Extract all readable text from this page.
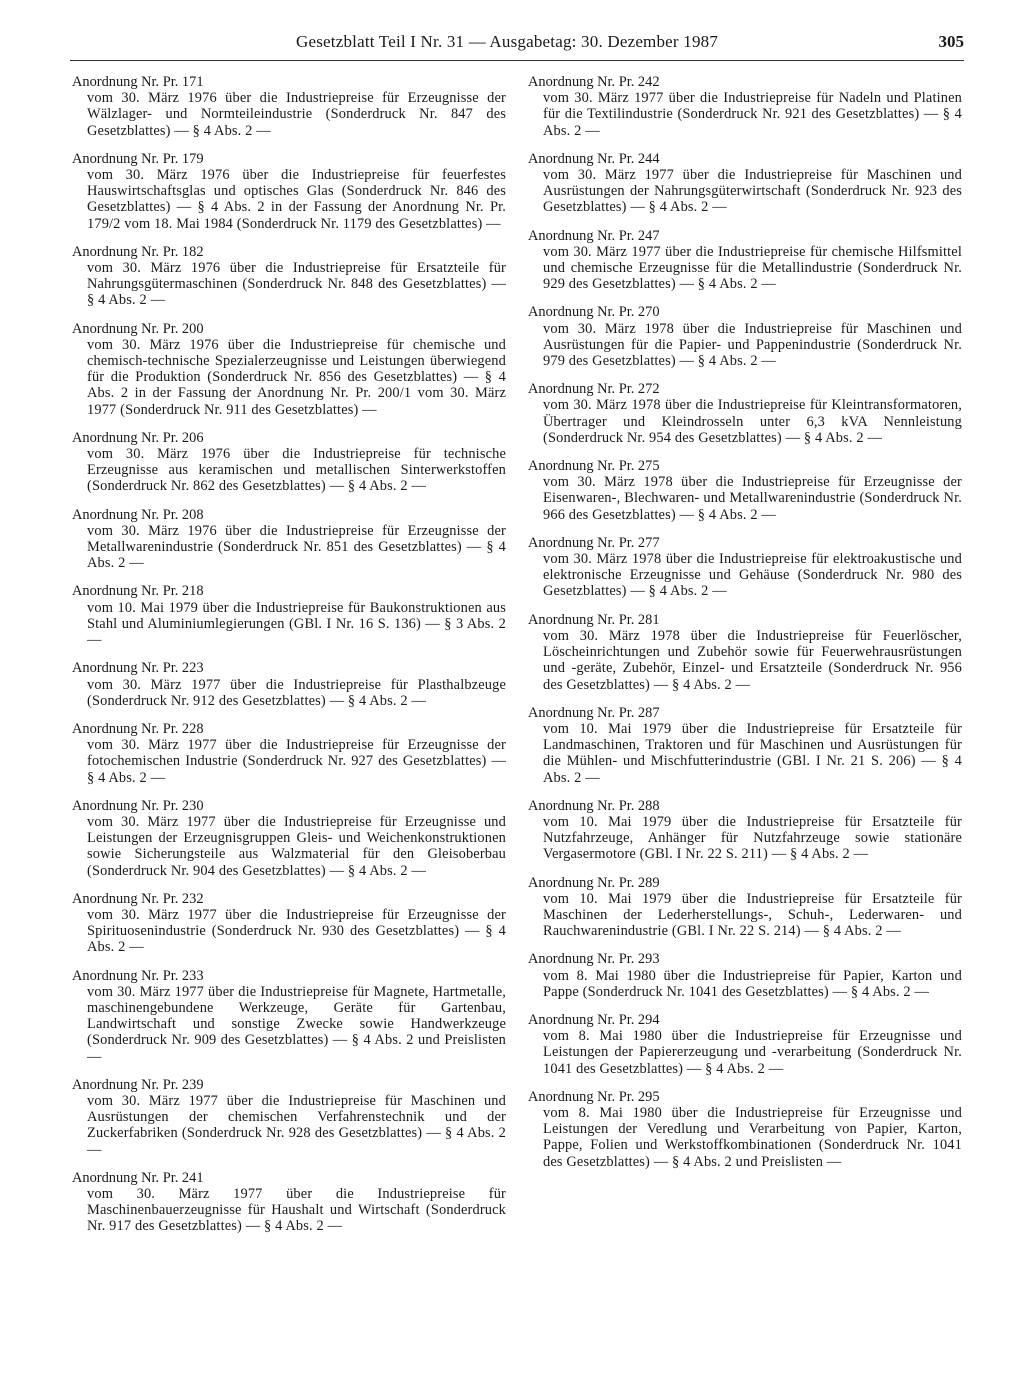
Gesetzblatt Teil I Nr. 31 — Ausgabetag: 30. Dezember 1987	305
Anordnung Nr. Pr. 171
vom 30. März 1976 über die Industriepreise für Erzeugnisse der Wälzlager- und Normteileindustrie (Sonderdruck Nr. 847 des Gesetzblattes) — § 4 Abs. 2 —
Anordnung Nr. Pr. 179
vom 30. März 1976 über die Industriepreise für feuerfestes Hauswirtschaftsglas und optisches Glas (Sonderdruck Nr. 846 des Gesetzblattes) — § 4 Abs. 2 in der Fassung der Anordnung Nr. Pr. 179/2 vom 18. Mai 1984 (Sonderdruck Nr. 1179 des Gesetzblattes) —
Anordnung Nr. Pr. 182
vom 30. März 1976 über die Industriepreise für Ersatzteile für Nahrungsgütermaschinen (Sonderdruck Nr. 848 des Gesetzblattes) — § 4 Abs. 2 —
Anordnung Nr. Pr. 200
vom 30. März 1976 über die Industriepreise für chemische und chemisch-technische Spezialerzeugnisse und Leistungen überwiegend für die Produktion (Sonderdruck Nr. 856 des Gesetzblattes) — § 4 Abs. 2 in der Fassung der Anordnung Nr. Pr. 200/1 vom 30. März 1977 (Sonderdruck Nr. 911 des Gesetzblattes) —
Anordnung Nr. Pr. 206
vom 30. März 1976 über die Industriepreise für technische Erzeugnisse aus keramischen und metallischen Sinterwerkstoffen (Sonderdruck Nr. 862 des Gesetzblattes) — § 4 Abs. 2 —
Anordnung Nr. Pr. 208
vom 30. März 1976 über die Industriepreise für Erzeugnisse der Metallwarenindustrie (Sonderdruck Nr. 851 des Gesetzblattes) — § 4 Abs. 2 —
Anordnung Nr. Pr. 218
vom 10. Mai 1979 über die Industriepreise für Baukonstruktionen aus Stahl und Aluminiumlegierungen (GBl. I Nr. 16 S. 136) — § 3 Abs. 2 —
Anordnung Nr. Pr. 223
vom 30. März 1977 über die Industriepreise für Plasthalbzeuge (Sonderdruck Nr. 912 des Gesetzblattes) — § 4 Abs. 2 —
Anordnung Nr. Pr. 228
vom 30. März 1977 über die Industriepreise für Erzeugnisse der fotochemischen Industrie (Sonderdruck Nr. 927 des Gesetzblattes) — § 4 Abs. 2 —
Anordnung Nr. Pr. 230
vom 30. März 1977 über die Industriepreise für Erzeugnisse und Leistungen der Erzeugnisgruppen Gleis- und Weichenkonstruktionen sowie Sicherungsteile aus Walzmaterial für den Gleisoberbau (Sonderdruck Nr. 904 des Gesetzblattes) — § 4 Abs. 2 —
Anordnung Nr. Pr. 232
vom 30. März 1977 über die Industriepreise für Erzeugnisse der Spirituosenindustrie (Sonderdruck Nr. 930 des Gesetzblattes) — § 4 Abs. 2 —
Anordnung Nr. Pr. 233
vom 30. März 1977 über die Industriepreise für Magnete, Hartmetalle, maschinengebundene Werkzeuge, Geräte für Gartenbau, Landwirtschaft und sonstige Zwecke sowie Handwerkzeuge (Sonderdruck Nr. 909 des Gesetzblattes) — § 4 Abs. 2 und Preislisten —
Anordnung Nr. Pr. 239
vom 30. März 1977 über die Industriepreise für Maschinen und Ausrüstungen der chemischen Verfahrenstechnik und der Zuckerfabriken (Sonderdruck Nr. 928 des Gesetzblattes) — § 4 Abs. 2 —
Anordnung Nr. Pr. 241
vom 30. März 1977 über die Industriepreise für Maschinenbauerzeugnisse für Haushalt und Wirtschaft (Sonderdruck Nr. 917 des Gesetzblattes) — § 4 Abs. 2 —
Anordnung Nr. Pr. 242
vom 30. März 1977 über die Industriepreise für Nadeln und Platinen für die Textilindustrie (Sonderdruck Nr. 921 des Gesetzblattes) — § 4 Abs. 2 —
Anordnung Nr. Pr. 244
vom 30. März 1977 über die Industriepreise für Maschinen und Ausrüstungen der Nahrungsgüterwirtschaft (Sonderdruck Nr. 923 des Gesetzblattes) — § 4 Abs. 2 —
Anordnung Nr. Pr. 247
vom 30. März 1977 über die Industriepreise für chemische Hilfsmittel und chemische Erzeugnisse für die Metallindustrie (Sonderdruck Nr. 929 des Gesetzblattes) — § 4 Abs. 2 —
Anordnung Nr. Pr. 270
vom 30. März 1978 über die Industriepreise für Maschinen und Ausrüstungen für die Papier- und Pappenindustrie (Sonderdruck Nr. 979 des Gesetzblattes) — § 4 Abs. 2 —
Anordnung Nr. Pr. 272
vom 30. März 1978 über die Industriepreise für Kleintransformatoren, Übertrager und Kleindrosseln unter 6,3 kVA Nennleistung (Sonderdruck Nr. 954 des Gesetzblattes) — § 4 Abs. 2 —
Anordnung Nr. Pr. 275
vom 30. März 1978 über die Industriepreise für Erzeugnisse der Eisenwaren-, Blechwaren- und Metallwarenindustrie (Sonderdruck Nr. 966 des Gesetzblattes) — § 4 Abs. 2 —
Anordnung Nr. Pr. 277
vom 30. März 1978 über die Industriepreise für elektroakustische und elektronische Erzeugnisse und Gehäuse (Sonderdruck Nr. 980 des Gesetzblattes) — § 4 Abs. 2 —
Anordnung Nr. Pr. 281
vom 30. März 1978 über die Industriepreise für Feuerlöscher, Löscheinrichtungen und Zubehör sowie für Feuerwehrausrüstungen und -geräte, Zubehör, Einzel- und Ersatzteile (Sonderdruck Nr. 956 des Gesetzblattes) — § 4 Abs. 2 —
Anordnung Nr. Pr. 287
vom 10. Mai 1979 über die Industriepreise für Ersatzteile für Landmaschinen, Traktoren und für Maschinen und Ausrüstungen für die Mühlen- und Mischfutterindustrie (GBl. I Nr. 21 S. 206) — § 4 Abs. 2 —
Anordnung Nr. Pr. 288
vom 10. Mai 1979 über die Industriepreise für Ersatzteile für Nutzfahrzeuge, Anhänger für Nutzfahrzeuge sowie stationäre Vergasermotore (GBl. I Nr. 22 S. 211) — § 4 Abs. 2 —
Anordnung Nr. Pr. 289
vom 10. Mai 1979 über die Industriepreise für Ersatzteile für Maschinen der Lederherstellungs-, Schuh-, Lederwaren- und Rauchwarenindustrie (GBl. I Nr. 22 S. 214) — § 4 Abs. 2 —
Anordnung Nr. Pr. 293
vom 8. Mai 1980 über die Industriepreise für Papier, Karton und Pappe (Sonderdruck Nr. 1041 des Gesetzblattes) — § 4 Abs. 2 —
Anordnung Nr. Pr. 294
vom 8. Mai 1980 über die Industriepreise für Erzeugnisse und Leistungen der Papiererzeugung und -verarbeitung (Sonderdruck Nr. 1041 des Gesetzblattes) — § 4 Abs. 2 —
Anordnung Nr. Pr. 295
vom 8. Mai 1980 über die Industriepreise für Erzeugnisse und Leistungen der Veredlung und Verarbeitung von Papier, Karton, Pappe, Folien und Werkstoffkombinationen (Sonderdruck Nr. 1041 des Gesetzblattes) — § 4 Abs. 2 und Preislisten —
